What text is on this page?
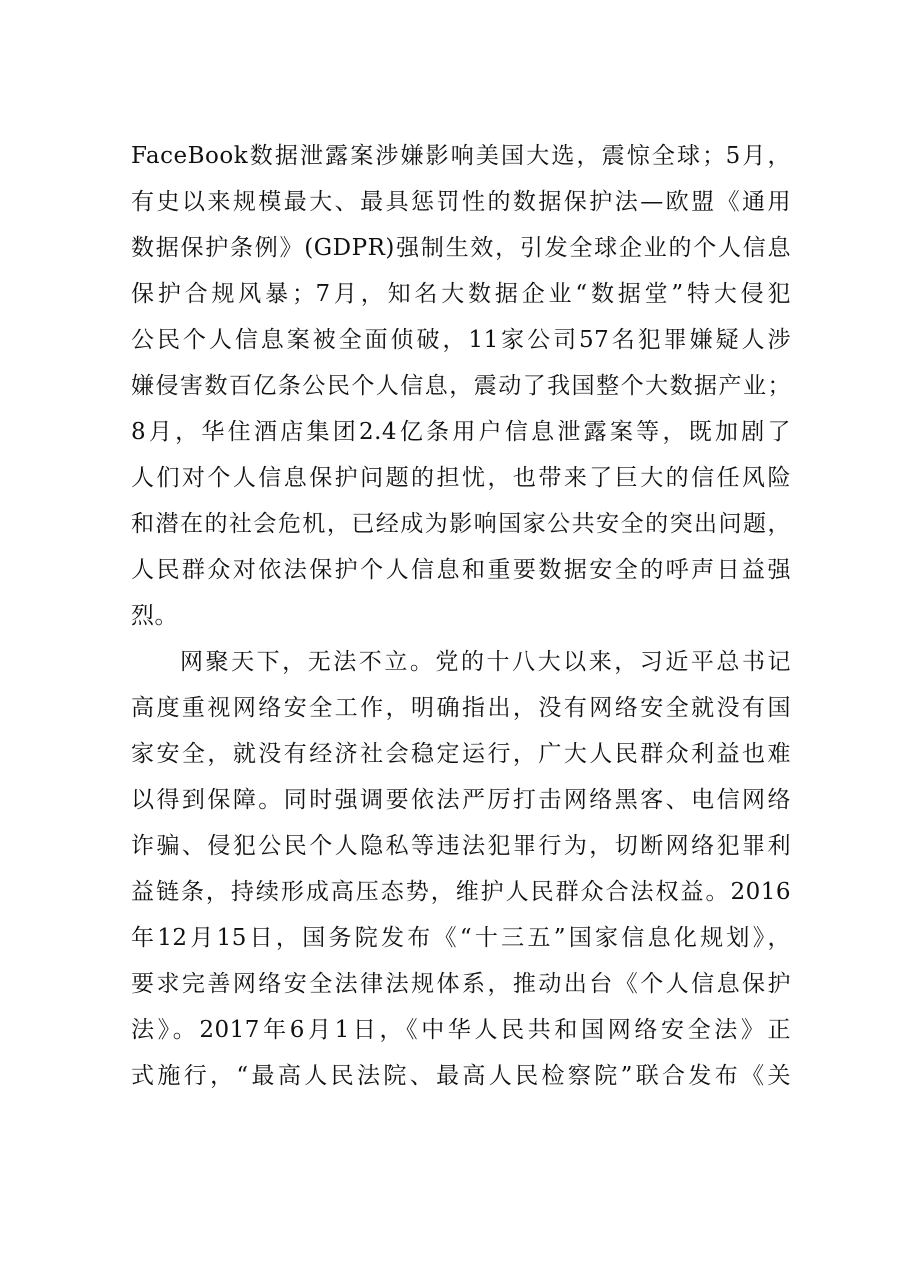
FaceBook数据泄露案涉嫌影响美国大选，震惊全球；5月，
有史以来规模最大、最具惩罚性的数据保护法—欧盟《通用
数据保护条例》(GDPR)强制生效，引发全球企业的个人信息
保护合规风暴；7月，知名大数据企业“数据堂”特大侵犯
公民个人信息案被全面侦破，11家公司57名犯罪嫌疑人涉
嫌侵害数百亿条公民个人信息，震动了我国整个大数据产业；
8月，华住酒店集团2.4亿条用户信息泄露案等，既加剧了
人们对个人信息保护问题的担忧，也带来了巨大的信任风险
和潜在的社会危机，已经成为影响国家公共安全的突出问题，
人民群众对依法保护个人信息和重要数据安全的呼声日益强
烈。
网聚天下，无法不立。党的十八大以来，习近平总书记
高度重视网络安全工作，明确指出，没有网络安全就没有国
家安全，就没有经济社会稳定运行，广大人民群众利益也难
以得到保障。同时强调要依法严厉打击网络黑客、电信网络
诈骗、侵犯公民个人隐私等违法犯罪行为，切断网络犯罪利
益链条，持续形成高压态势，维护人民群众合法权益。2016
年12月15日，国务院发布《“十三五”国家信息化规划》，
要求完善网络安全法律法规体系，推动出台《个人信息保护
法》。2017年6月1日，《中华人民共和国网络安全法》正
式施行，“最高人民法院、最高人民检察院”联合发布《关
